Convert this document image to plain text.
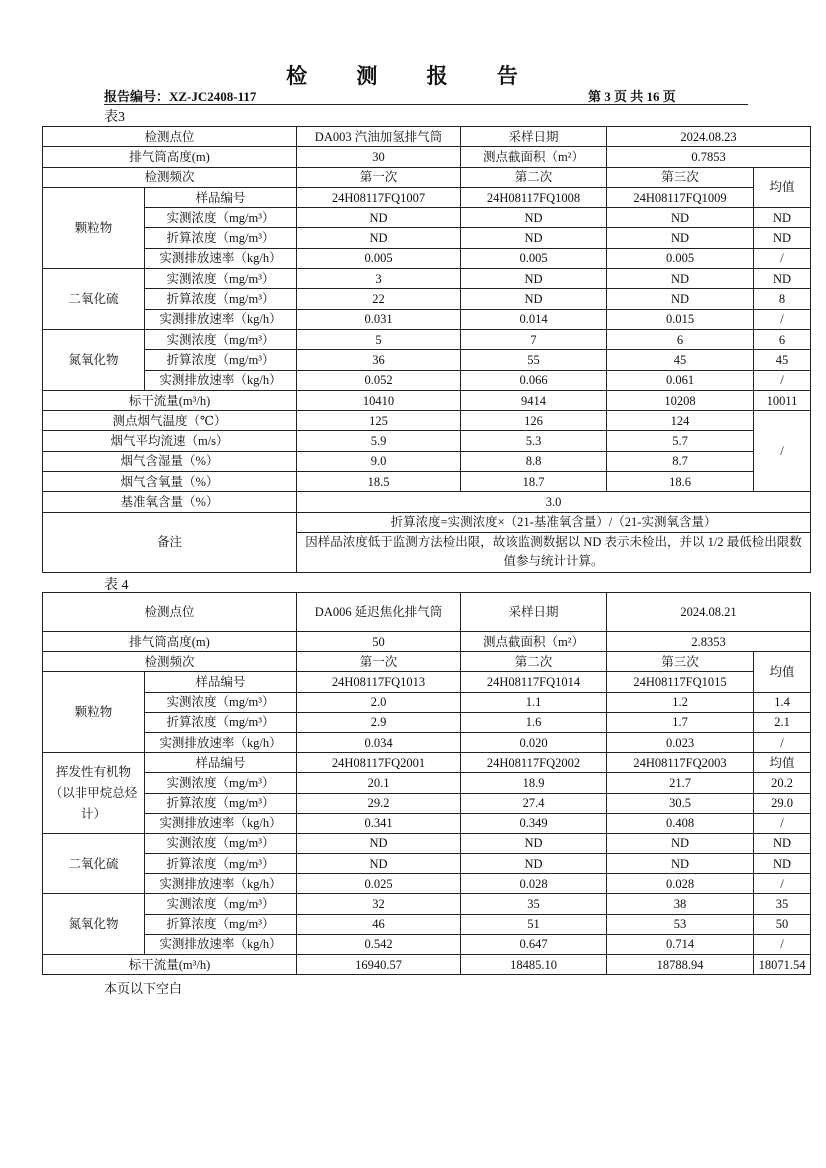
检 测 报 告
报告编号：XZ-JC2408-117	第 3 页 共 16 页
表3
检测点位		DA003 汽油加氢排气筒	采样日期	2024.08.23	
排气筒高度(m)		30	测点截面积（m²）	0.7853	
检测频次		第一次	第二次	第三次	均值
颗粒物	样品编号	24H08117FQ1007	24H08117FQ1008	24H08117FQ1009	
	实测浓度（mg/m³）	ND	ND	ND	ND
	折算浓度（mg/m³）	ND	ND	ND	ND
	实测排放速率（kg/h）	0.005	0.005	0.005	/
二氧化硫	实测浓度（mg/m³）	3	ND	ND	ND
	折算浓度（mg/m³）	22	ND	ND	8
	实测排放速率（kg/h）	0.031	0.014	0.015	/
氮氧化物	实测浓度（mg/m³）	5	7	6	6
	折算浓度（mg/m³）	36	55	45	45
	实测排放速率（kg/h）	0.052	0.066	0.061	/
标干流量(m³/h)		10410	9414	10208	10011
测点烟气温度（℃）		125	126	124	/
烟气平均流速（m/s）		5.9	5.3	5.7	
烟气含湿量（%）		9.0	8.8	8.7	
烟气含氧量（%）		18.5	18.7	18.6	
基准氧含量（%）		3.0			
备注		折算浓度=实测浓度×（21-基准氧含量）/（21-实测氧含量）			
		因样品浓度低于监测方法检出限，故该监测数据以 ND 表示未检出，并以 1/2 最低检出限数值参与统计计算。			
表 4
检测点位		DA006 延迟焦化排气筒	采样日期	2024.08.21	
排气筒高度(m)		50	测点截面积（m²）	2.8353	
检测频次		第一次	第二次	第三次	均值
颗粒物	样品编号	24H08117FQ1013	24H08117FQ1014	24H08117FQ1015	
	实测浓度（mg/m³）	2.0	1.1	1.2	1.4
	折算浓度（mg/m³）	2.9	1.6	1.7	2.1
	实测排放速率（kg/h）	0.034	0.020	0.023	/
挥发性有机物（以非甲烷总烃计）	样品编号	24H08117FQ2001	24H08117FQ2002	24H08117FQ2003	均值
	实测浓度（mg/m³）	20.1	18.9	21.7	20.2
	折算浓度（mg/m³）	29.2	27.4	30.5	29.0
	实测排放速率（kg/h）	0.341	0.349	0.408	/
二氧化硫	实测浓度（mg/m³）	ND	ND	ND	ND
	折算浓度（mg/m³）	ND	ND	ND	ND
	实测排放速率（kg/h）	0.025	0.028	0.028	/
氮氧化物	实测浓度（mg/m³）	32	35	38	35
	折算浓度（mg/m³）	46	51	53	50
	实测排放速率（kg/h）	0.542	0.647	0.714	/
标干流量(m³/h)		16940.57	18485.10	18788.94	18071.54
本页以下空白
